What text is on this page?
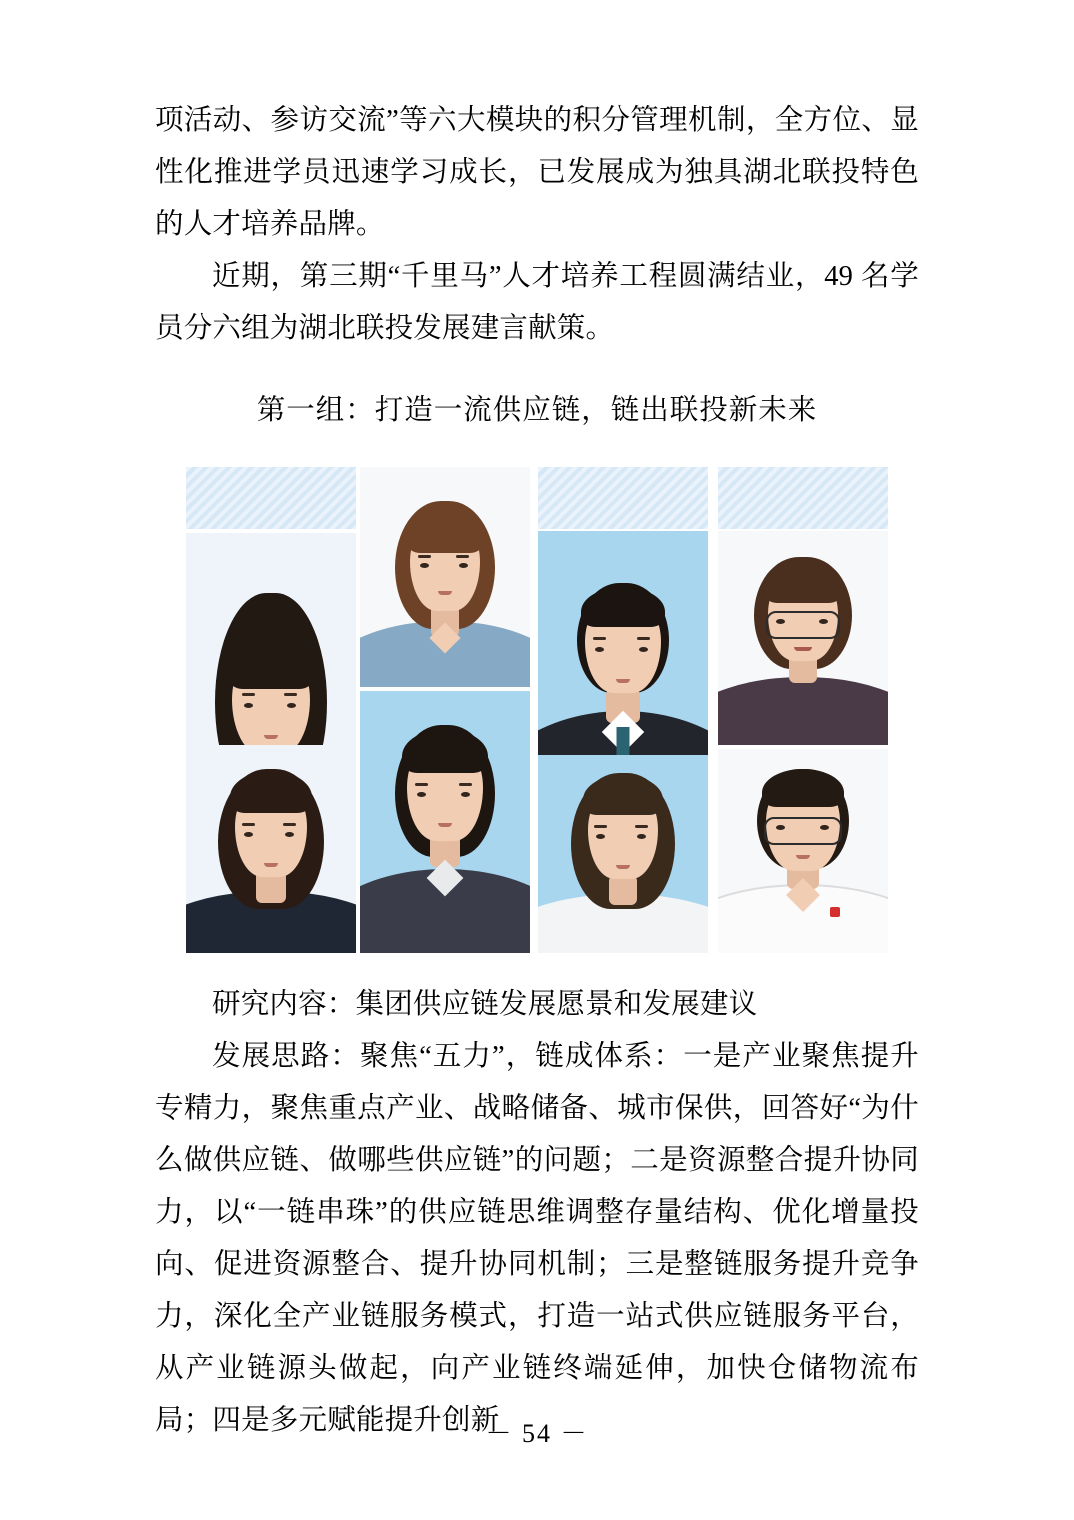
项活动、参访交流”等六大模块的积分管理机制，全方位、显性化推进学员迅速学习成长，已发展成为独具湖北联投特色的人才培养品牌。

近期，第三期“千里马”人才培养工程圆满结业，49 名学员分六组为湖北联投发展建言献策。

第一组：打造一流供应链，链出联投新未来

研究内容：集团供应链发展愿景和发展建议

发展思路：聚焦“五力”，链成体系：一是产业聚焦提升专精力，聚焦重点产业、战略储备、城市保供，回答好“为什么做供应链、做哪些供应链”的问题；二是资源整合提升协同力，以“一链串珠”的供应链思维调整存量结构、优化增量投向、促进资源整合、提升协同机制；三是整链服务提升竞争力，深化全产业链服务模式，打造一站式供应链服务平台，从产业链源头做起，向产业链终端延伸，加快仓储物流布局；四是多元赋能提升创新

－ 54 －
